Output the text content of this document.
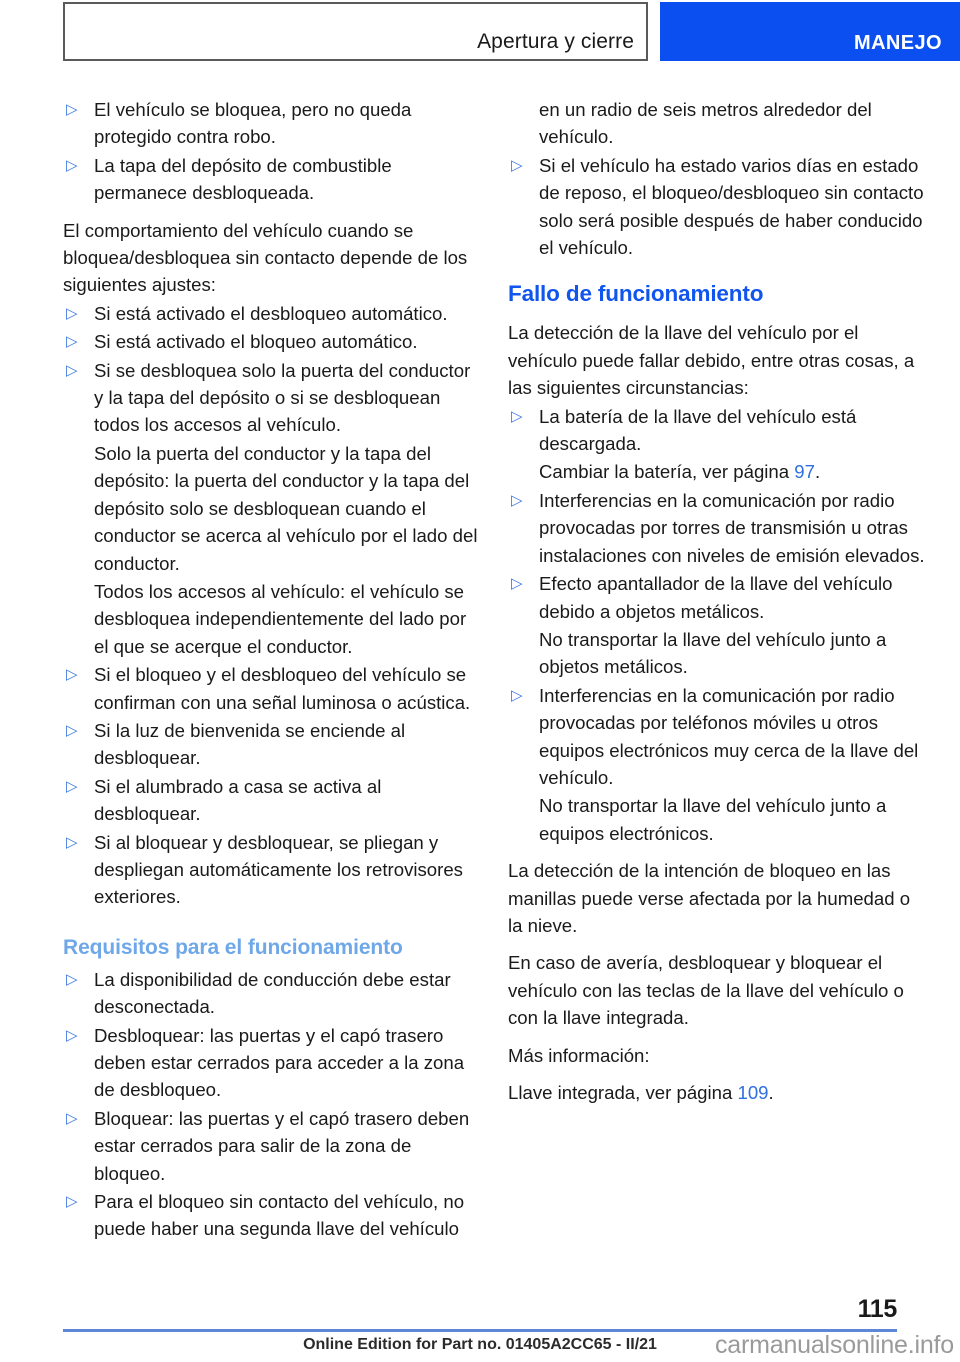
Apertura y cierre	MANEJO
▷ El vehículo se bloquea, pero no queda protegido contra robo.
▷ La tapa del depósito de combustible permanece desbloqueada.
El comportamiento del vehículo cuando se bloquea/desbloquea sin contacto depende de los siguientes ajustes:
▷ Si está activado el desbloqueo automático.
▷ Si está activado el bloqueo automático.
▷ Si se desbloquea solo la puerta del conductor y la tapa del depósito o si se desbloquean todos los accesos al vehículo.
Solo la puerta del conductor y la tapa del depósito: la puerta del conductor y la tapa del depósito solo se desbloquean cuando el conductor se acerca al vehículo por el lado del conductor.
Todos los accesos al vehículo: el vehículo se desbloquea independientemente del lado por el que se acerque el conductor.
▷ Si el bloqueo y el desbloqueo del vehículo se confirman con una señal luminosa o acústica.
▷ Si la luz de bienvenida se enciende al desbloquear.
▷ Si el alumbrado a casa se activa al desbloquear.
▷ Si al bloquear y desbloquear, se pliegan y despliegan automáticamente los retrovisores exteriores.
Requisitos para el funcionamiento
▷ La disponibilidad de conducción debe estar desconectada.
▷ Desbloquear: las puertas y el capó trasero deben estar cerrados para acceder a la zona de desbloqueo.
▷ Bloquear: las puertas y el capó trasero deben estar cerrados para salir de la zona de bloqueo.
▷ Para el bloqueo sin contacto del vehículo, no puede haber una segunda llave del vehículo
en un radio de seis metros alrededor del vehículo.
▷ Si el vehículo ha estado varios días en estado de reposo, el bloqueo/desbloqueo sin contacto solo será posible después de haber conducido el vehículo.
Fallo de funcionamiento
La detección de la llave del vehículo por el vehículo puede fallar debido, entre otras cosas, a las siguientes circunstancias:
▷ La batería de la llave del vehículo está descargada.
Cambiar la batería, ver página 97.
▷ Interferencias en la comunicación por radio provocadas por torres de transmisión u otras instalaciones con niveles de emisión elevados.
▷ Efecto apantallador de la llave del vehículo debido a objetos metálicos.
No transportar la llave del vehículo junto a objetos metálicos.
▷ Interferencias en la comunicación por radio provocadas por teléfonos móviles u otros equipos electrónicos muy cerca de la llave del vehículo.
No transportar la llave del vehículo junto a equipos electrónicos.
La detección de la intención de bloqueo en las manillas puede verse afectada por la humedad o la nieve.
En caso de avería, desbloquear y bloquear el vehículo con las teclas de la llave del vehículo o con la llave integrada.
Más información:
Llave integrada, ver página 109.
115
Online Edition for Part no. 01405A2CC65 - II/21	carmanualsonline.info
